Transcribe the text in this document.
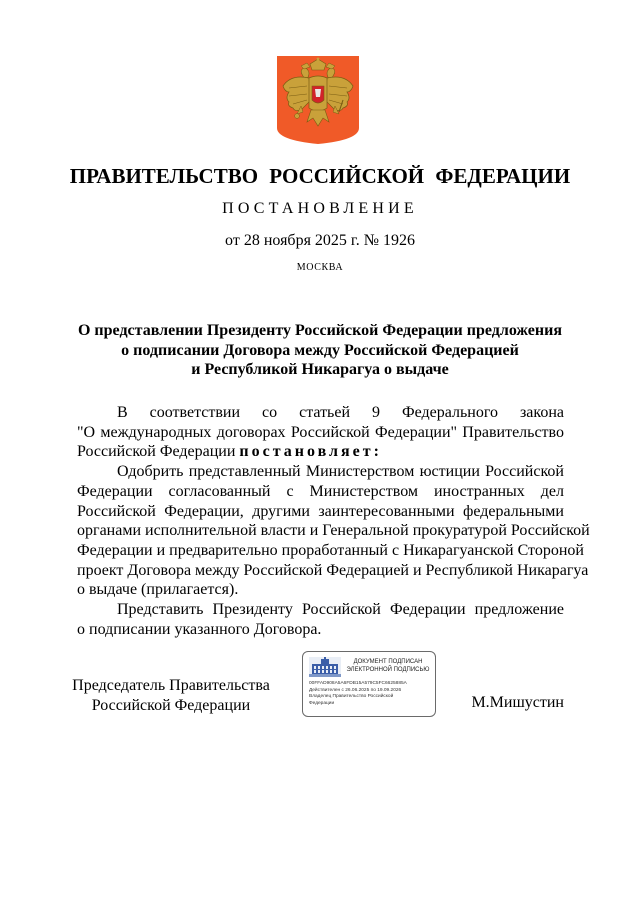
ПРАВИТЕЛЬСТВО РОССИЙСКОЙ ФЕДЕРАЦИИ
ПОСТАНОВЛЕНИЕ
от 28 ноября 2025 г. № 1926
МОСКВА
О представлении Президенту Российской Федерации предложения
о подписании Договора между Российской Федерацией
и Республикой Никарагуа о выдаче
В соответствии со статьей 9 Федерального закона
"О международных договорах Российской Федерации" Правительство
Российской Федерации постановляет:
Одобрить представленный Министерством юстиции Российской
Федерации согласованный с Министерством иностранных дел
Российской Федерации, другими заинтересованными федеральными
органами исполнительной власти и Генеральной прокуратурой Российской
Федерации и предварительно проработанный с Никарагуанской Стороной
проект Договора между Российской Федерацией и Республикой Никарагуа
о выдаче (прилагается).
Представить Президенту Российской Федерации предложение
о подписании указанного Договора.
Председатель Правительства
Российской Федерации
ДОКУМЕНТ ПОДПИСАН
ЭЛЕКТРОННОЙ ПОДПИСЬЮ
00FFAD908A5A6FDB15A579C5FC6625885A
Действителен с 26.06.2025 по 19.09.2026
Владелец Правительство Российской
Федерации	М.Мишустин
